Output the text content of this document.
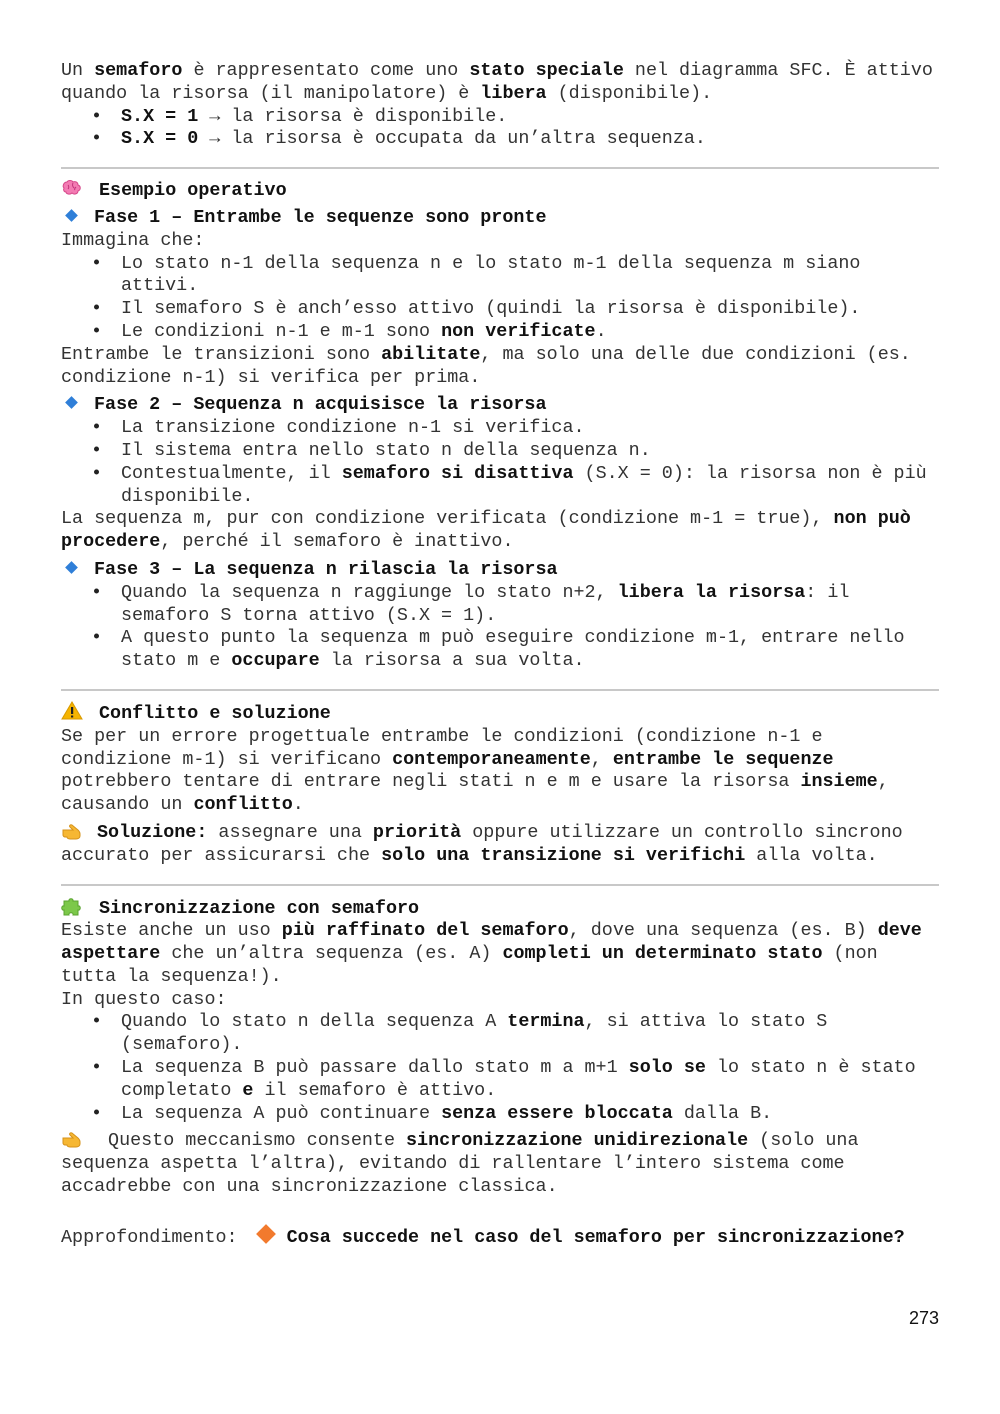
Un semaforo è rappresentato come uno stato speciale nel diagramma SFC. È attivo quando la risorsa (il manipolatore) è libera (disponibile).

• S.X = 1 → la risorsa è disponibile.
• S.X = 0 → la risorsa è occupata da un’altra sequenza.

Esempio operativo

Fase 1 – Entrambe le sequenze sono pronte

Immagina che:

• Lo stato n-1 della sequenza n e lo stato m-1 della sequenza m siano attivi.
• Il semaforo S è anch’esso attivo (quindi la risorsa è disponibile).
• Le condizioni n-1 e m-1 sono non verificate.

Entrambe le transizioni sono abilitate, ma solo una delle due condizioni (es. condizione n-1) si verifica per prima.

Fase 2 – Sequenza n acquisisce la risorsa

• La transizione condizione n-1 si verifica.
• Il sistema entra nello stato n della sequenza n.
• Contestualmente, il semaforo si disattiva (S.X = 0): la risorsa non è più disponibile.

La sequenza m, pur con condizione verificata (condizione m-1 = true), non può procedere, perché il semaforo è inattivo.

Fase 3 – La sequenza n rilascia la risorsa

• Quando la sequenza n raggiunge lo stato n+2, libera la risorsa: il semaforo S torna attivo (S.X = 1).
• A questo punto la sequenza m può eseguire condizione m-1, entrare nello stato m e occupare la risorsa a sua volta.

Conflitto e soluzione

Se per un errore progettuale entrambe le condizioni (condizione n-1 e condizione m-1) si verificano contemporaneamente, entrambe le sequenze potrebbero tentare di entrare negli stati n e m e usare la risorsa insieme, causando un conflitto.

Soluzione: assegnare una priorità oppure utilizzare un controllo sincrono accurato per assicurarsi che solo una transizione si verifichi alla volta.

Sincronizzazione con semaforo

Esiste anche un uso più raffinato del semaforo, dove una sequenza (es. B) deve aspettare che un’altra sequenza (es. A) completi un determinato stato (non tutta la sequenza!).

In questo caso:

• Quando lo stato n della sequenza A termina, si attiva lo stato S (semaforo).
• La sequenza B può passare dallo stato m a m+1 solo se lo stato n è stato completato e il semaforo è attivo.
• La sequenza A può continuare senza essere bloccata dalla B.

Questo meccanismo consente sincronizzazione unidirezionale (solo una sequenza aspetta l’altra), evitando di rallentare l’intero sistema come accadrebbe con una sincronizzazione classica.

Approfondimento: Cosa succede nel caso del semaforo per sincronizzazione?

273
